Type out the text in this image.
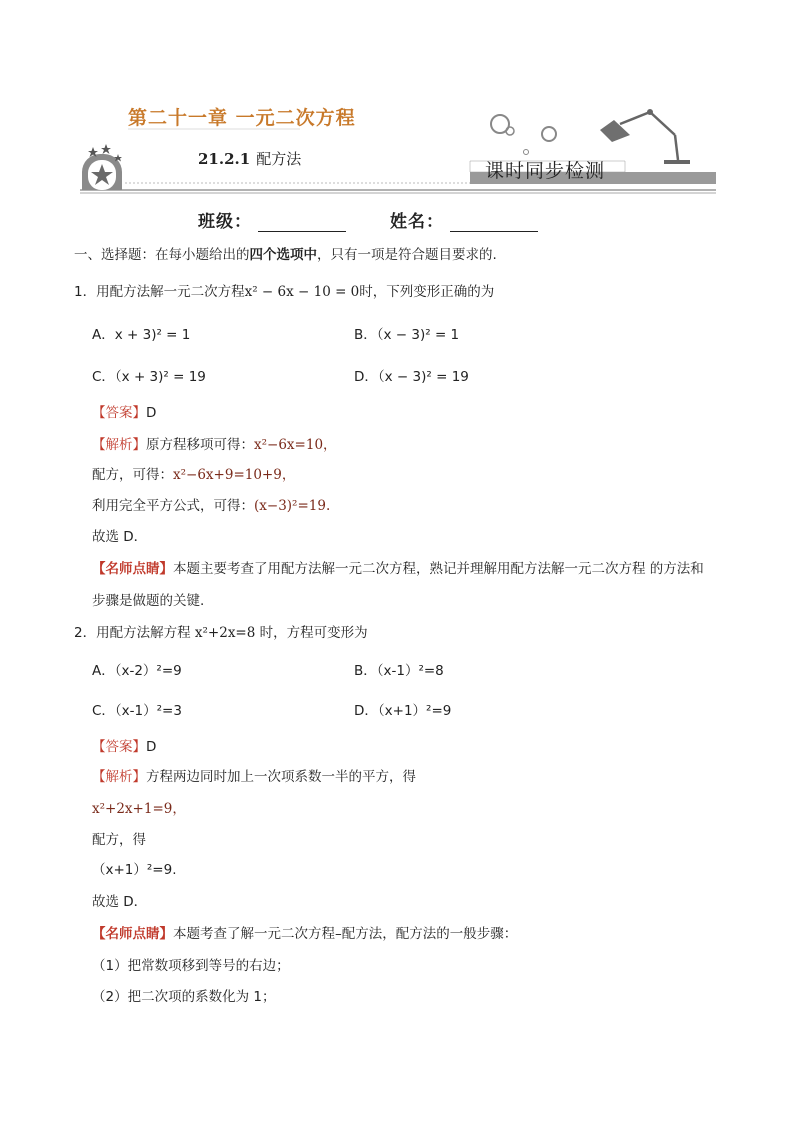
第二十一章 一元二次方程
21.2.1 配方法
课时同步检测
班级：	姓名：
一、选择题：在每小题给出的四个选项中，只有一项是符合题目要求的.
1．用配方法解一元二次方程x² − 6x − 10 = 0时，下列变形正确的为
A．x + 3)² = 1	B．（x − 3)² = 1
C．（x + 3)² = 19	D．（x − 3)² = 19
【答案】D
【解析】原方程移项可得：x²−6x=10，
配方，可得：x²−6x+9=10+9，
利用完全平方公式，可得：(x−3)²=19.
故选 D．
【名师点睛】本题主要考查了用配方法解一元二次方程，熟记并理解用配方法解一元二次方程 的方法和
步骤是做题的关键.
2．用配方法解方程 x²+2x=8 时，方程可变形为
A．（x-2）²=9	B．（x-1）²=8
C．（x-1）²=3	D．（x+1）²=9
【答案】D
【解析】方程两边同时加上一次项系数一半的平方，得
x²+2x+1=9，
配方，得
（x+1）²=9.
故选 D．
【名师点睛】本题考查了解一元二次方程–配方法，配方法的一般步骤：
（1）把常数项移到等号的右边；
（2）把二次项的系数化为 1；
